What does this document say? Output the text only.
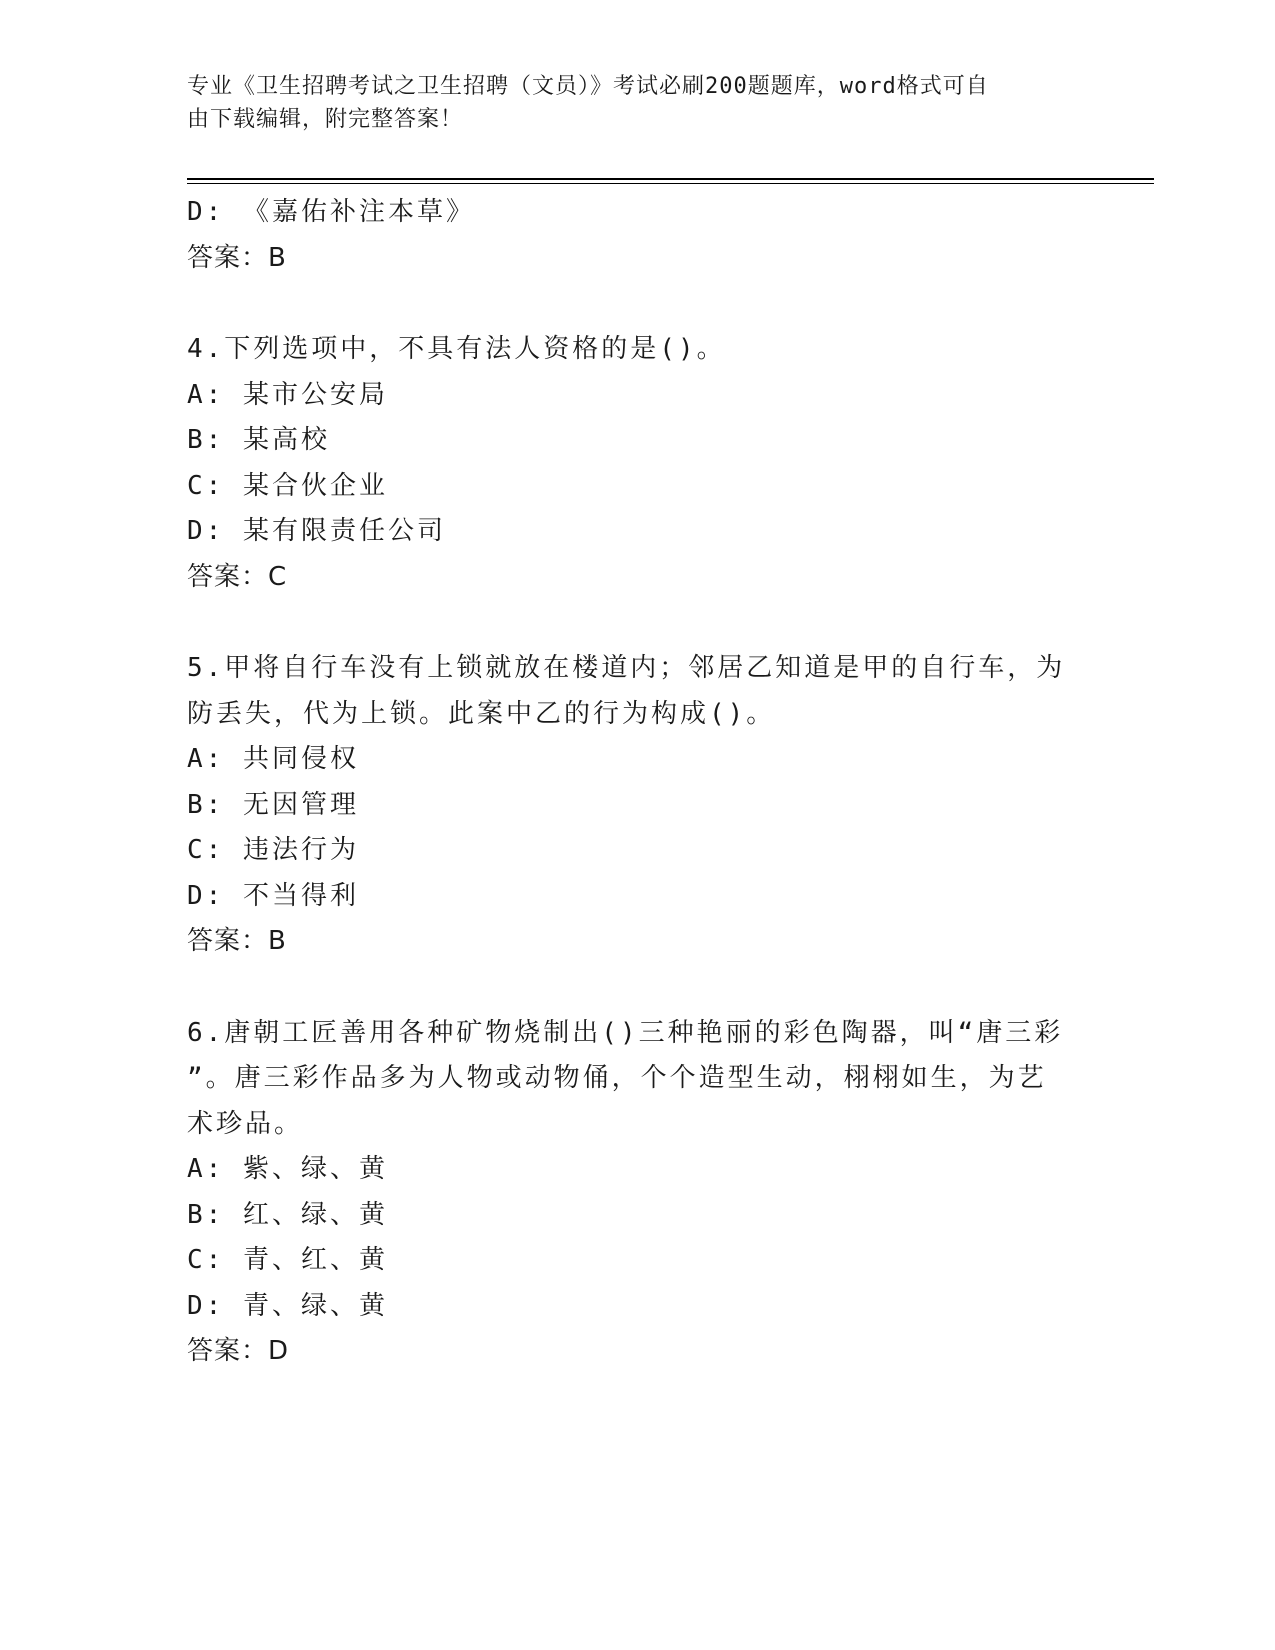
专业《卫生招聘考试之卫生招聘（文员）》考试必刷200题题库，word格式可自
由下载编辑，附完整答案！
D: 《嘉佑补注本草》
答案：B
4.下列选项中，不具有法人资格的是()。
A: 某市公安局
B: 某高校
C: 某合伙企业
D: 某有限责任公司
答案：C
5.甲将自行车没有上锁就放在楼道内；邻居乙知道是甲的自行车，为
防丢失，代为上锁。此案中乙的行为构成()。
A: 共同侵权
B: 无因管理
C: 违法行为
D: 不当得利
答案：B
6.唐朝工匠善用各种矿物烧制出()三种艳丽的彩色陶器，叫“唐三彩
”。唐三彩作品多为人物或动物俑，个个造型生动，栩栩如生，为艺
术珍品。
A: 紫、绿、黄
B: 红、绿、黄
C: 青、红、黄
D: 青、绿、黄
答案：D
